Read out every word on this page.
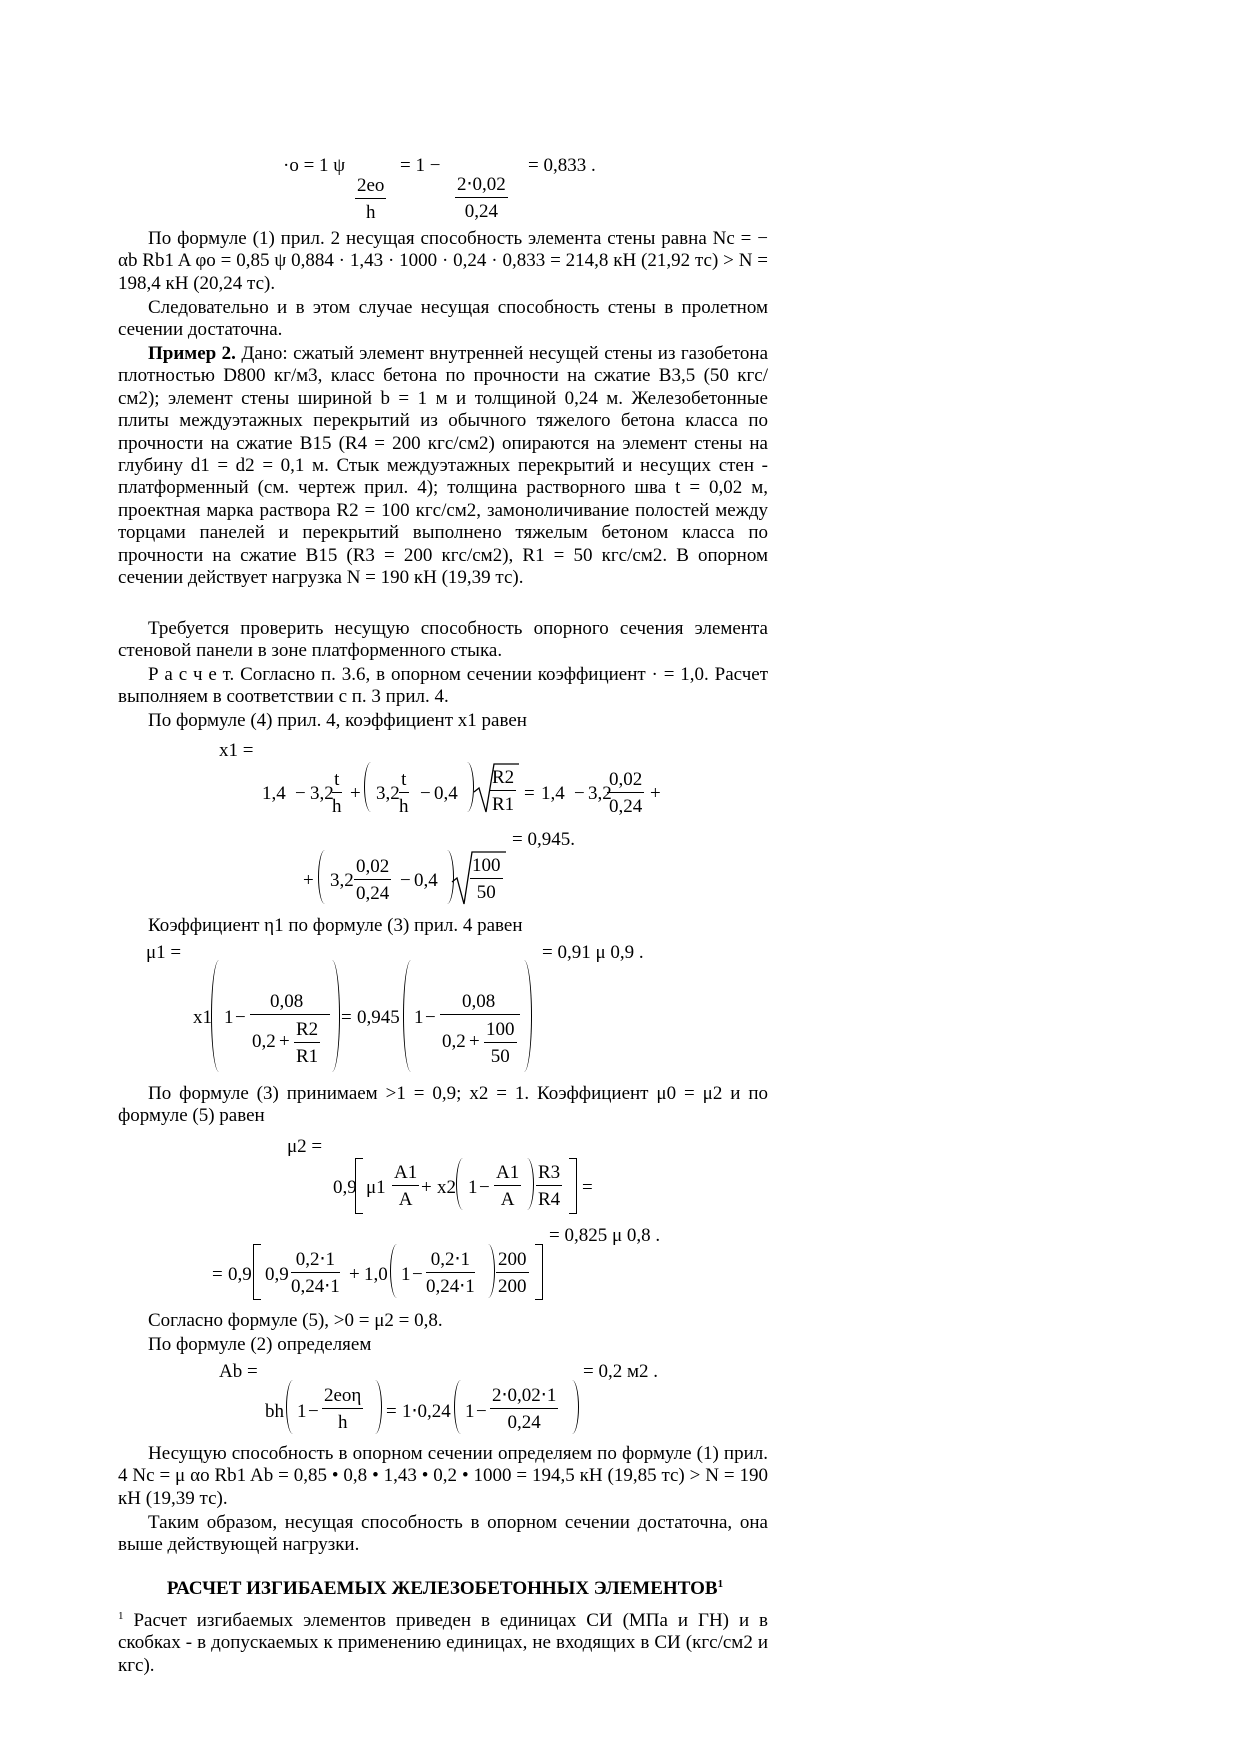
·o = 1 ψ	= 1 −
$\frac{2eo}{h}$	$\frac{2\cdot 0,02}{0,24}$
= 0,833 .
По формуле (1) прил. 2 несущая способность элемента стены равна Nc = − αb Rb1 A φo = 0,85 ψ 0,884 · 1,43 · 1000 · 0,24 · 0,833 = 214,8 кН (21,92 тс) > N = 198,4 кН (20,24 тс).
Следовательно и в этом случае несущая способность стены в пролетном сечении достаточна.
Пример 2. Дано: сжатый элемент внутренней несущей стены из газобетона плотностью D800 кг/м3, класс бетона по прочности на сжатие В3,5 (50 кгс/см2); элемент стены шириной b = 1 м и толщиной 0,24 м. Железобетонные плиты междуэтажных перекрытий из обычного тяжелого бетона класса по прочности на сжатие В15 (R4 = 200 кгс/см2) опираются на элемент стены на глубину d1 = d2 = 0,1 м. Стык междуэтажных перекрытий и несущих стен - платформенный (см. чертеж прил. 4); толщина растворного шва t = 0,02 м, проектная марка раствора R2 = 100 кгс/см2, замоноличивание полостей между торцами панелей и перекрытий выполнено тяжелым бетоном класса по прочности на сжатие В15 (R3 = 200 кгс/см2), R1 = 50 кгс/см2. В опорном сечении действует нагрузка N = 190 кН (19,39 тс).
Требуется проверить несущую способность опорного сечения элемента стеновой панели в зоне платформенного стыка.
Р а с ч е т. Согласно п. 3.6, в опорном сечении коэффициент · = 1,0. Расчет выполняем в соответствии с п. 3 прил. 4.
По формуле (4) прил. 4, коэффициент x1 равен
x1 =
1,4 − 3,2
$\frac{t}{h} + 3,2 \frac{t}{h} - 0,4 \frac{R2}{R1} = 1,4 - 3,2$
$\frac{0,02}{0,24}$ +
= 0,945.
+ $3,2 \frac{0,02}{0,24} - 0,4 \frac{100}{50}$
Коэффициент η1 по формуле (3) прил. 4 равен
μ1 =	= 0,91 μ 0,9 .
x1 1 −
0,08
$0,2 + \frac{R2}{R1}$
= 0,945 1 −
0,08
$0,2 + \frac{100}{50}$
По формуле (3) принимаем >1 = 0,9; x2 = 1. Коэффициент μ0 = μ2 и по формуле (5) равен
μ2 =
0,9 $\mu 1 \frac{A1}{A} + x2$ $1 - \frac{A1}{A} \frac{R3}{R4}$ =
= 0,825 μ 0,8 .
= 0,9 $0,9 \frac{0,2\cdot 1}{0,24\cdot 1} + 1,0$ $1 - \frac{0,2\cdot 1}{0,24\cdot 1} \frac{200}{200}$
Согласно формуле (5), >0 = μ2 = 0,8.
По формуле (2) определяем
Ab =	= 0,2 м2 .
bh 1 −
2eoη
h
= 1⋅0,24 $1 - \frac{2\cdot 0,02\cdot 1}{0,24}$
Несущую способность в опорном сечении определяем по формуле (1) прил. 4 Nc = μ αo Rb1 Ab = 0,85 • 0,8 • 1,43 • 0,2 • 1000 = 194,5 кН (19,85 тс) > N = 190 кН (19,39 тс).
Таким образом, несущая способность в опорном сечении достаточна, она выше действующей нагрузки.
РАСЧЕТ ИЗГИБАЕМЫХ ЖЕЛЕЗОБЕТОННЫХ ЭЛЕМЕНТОВ$^1$
$^1$ Расчет изгибаемых элементов приведен в единицах СИ (МПа и ГН) и в скобках - в допускаемых к применению единицах, не входящих в СИ (кгс/см2 и кгс).
